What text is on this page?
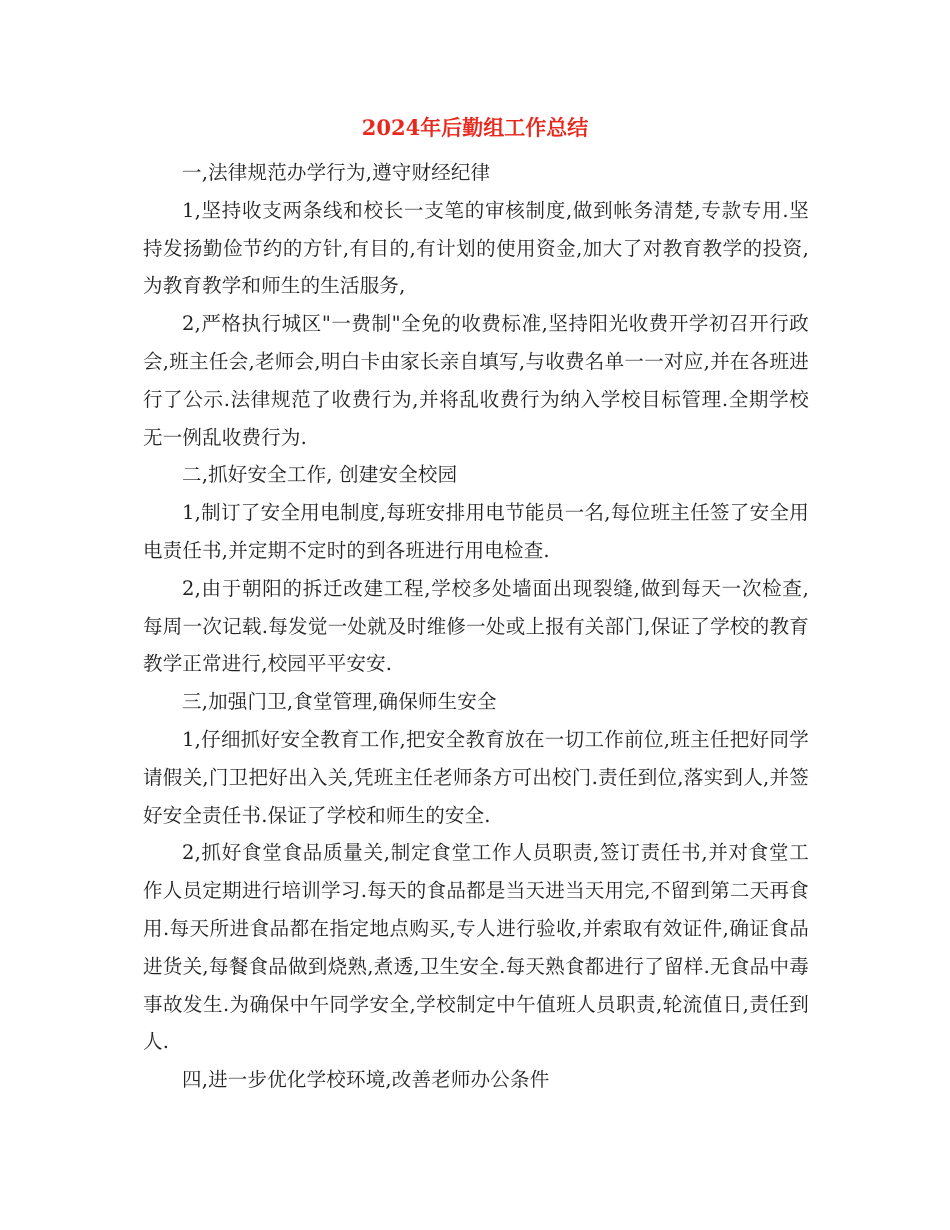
2024年后勤组工作总结

一,法律规范办学行为,遵守财经纪律

1,坚持收支两条线和校长一支笔的审核制度,做到帐务清楚,专款专用.坚持发扬勤俭节约的方针,有目的,有计划的使用资金,加大了对教育教学的投资,为教育教学和师生的生活服务,

2,严格执行城区"一费制"全免的收费标准,坚持阳光收费开学初召开行政会,班主任会,老师会,明白卡由家长亲自填写,与收费名单一一对应,并在各班进行了公示.法律规范了收费行为,并将乱收费行为纳入学校目标管理.全期学校无一例乱收费行为.

二,抓好安全工作, 创建安全校园

1,制订了安全用电制度,每班安排用电节能员一名,每位班主任签了安全用电责任书,并定期不定时的到各班进行用电检查.

2,由于朝阳的拆迁改建工程,学校多处墙面出现裂缝,做到每天一次检查,每周一次记载.每发觉一处就及时维修一处或上报有关部门,保证了学校的教育教学正常进行,校园平平安安.

三,加强门卫,食堂管理,确保师生安全

1,仔细抓好安全教育工作,把安全教育放在一切工作前位,班主任把好同学请假关,门卫把好出入关,凭班主任老师条方可出校门.责任到位,落实到人,并签好安全责任书.保证了学校和师生的安全.

2,抓好食堂食品质量关,制定食堂工作人员职责,签订责任书,并对食堂工作人员定期进行培训学习.每天的食品都是当天进当天用完,不留到第二天再食用.每天所进食品都在指定地点购买,专人进行验收,并索取有效证件,确证食品进货关,每餐食品做到烧熟,煮透,卫生安全.每天熟食都进行了留样.无食品中毒事故发生.为确保中午同学安全,学校制定中午值班人员职责,轮流值日,责任到人.

四,进一步优化学校环境,改善老师办公条件
